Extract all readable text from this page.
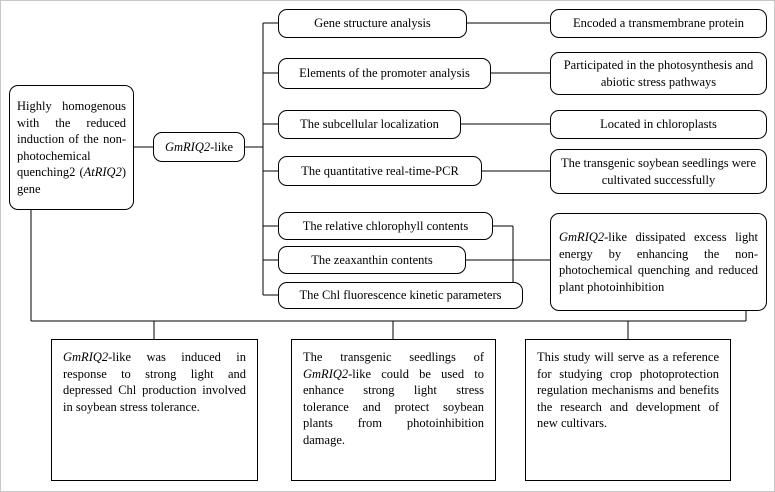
Highly homogenous with the reduced induction of the non-photochemical quenching2 (AtRIQ2) gene
GmRIQ2-like
Gene structure analysis
Elements of the promoter analysis
The subcellular localization
The quantitative real-time-PCR
The relative chlorophyll contents
The zeaxanthin contents
The Chl fluorescence kinetic parameters
Encoded a transmembrane protein
Participated in the photosynthesis and abiotic stress pathways
Located in chloroplasts
The transgenic soybean seedlings were cultivated successfully
GmRIQ2-like dissipated excess light energy by enhancing the non-photochemical quenching and reduced plant photoinhibition
GmRIQ2-like was induced in response to strong light and depressed Chl production involved in soybean stress tolerance.
The transgenic seedlings of GmRIQ2-like could be used to enhance strong light stress tolerance and protect soybean plants from photoinhibition damage.
This study will serve as a reference for studying crop photoprotection regulation mechanisms and benefits the research and development of new cultivars.
